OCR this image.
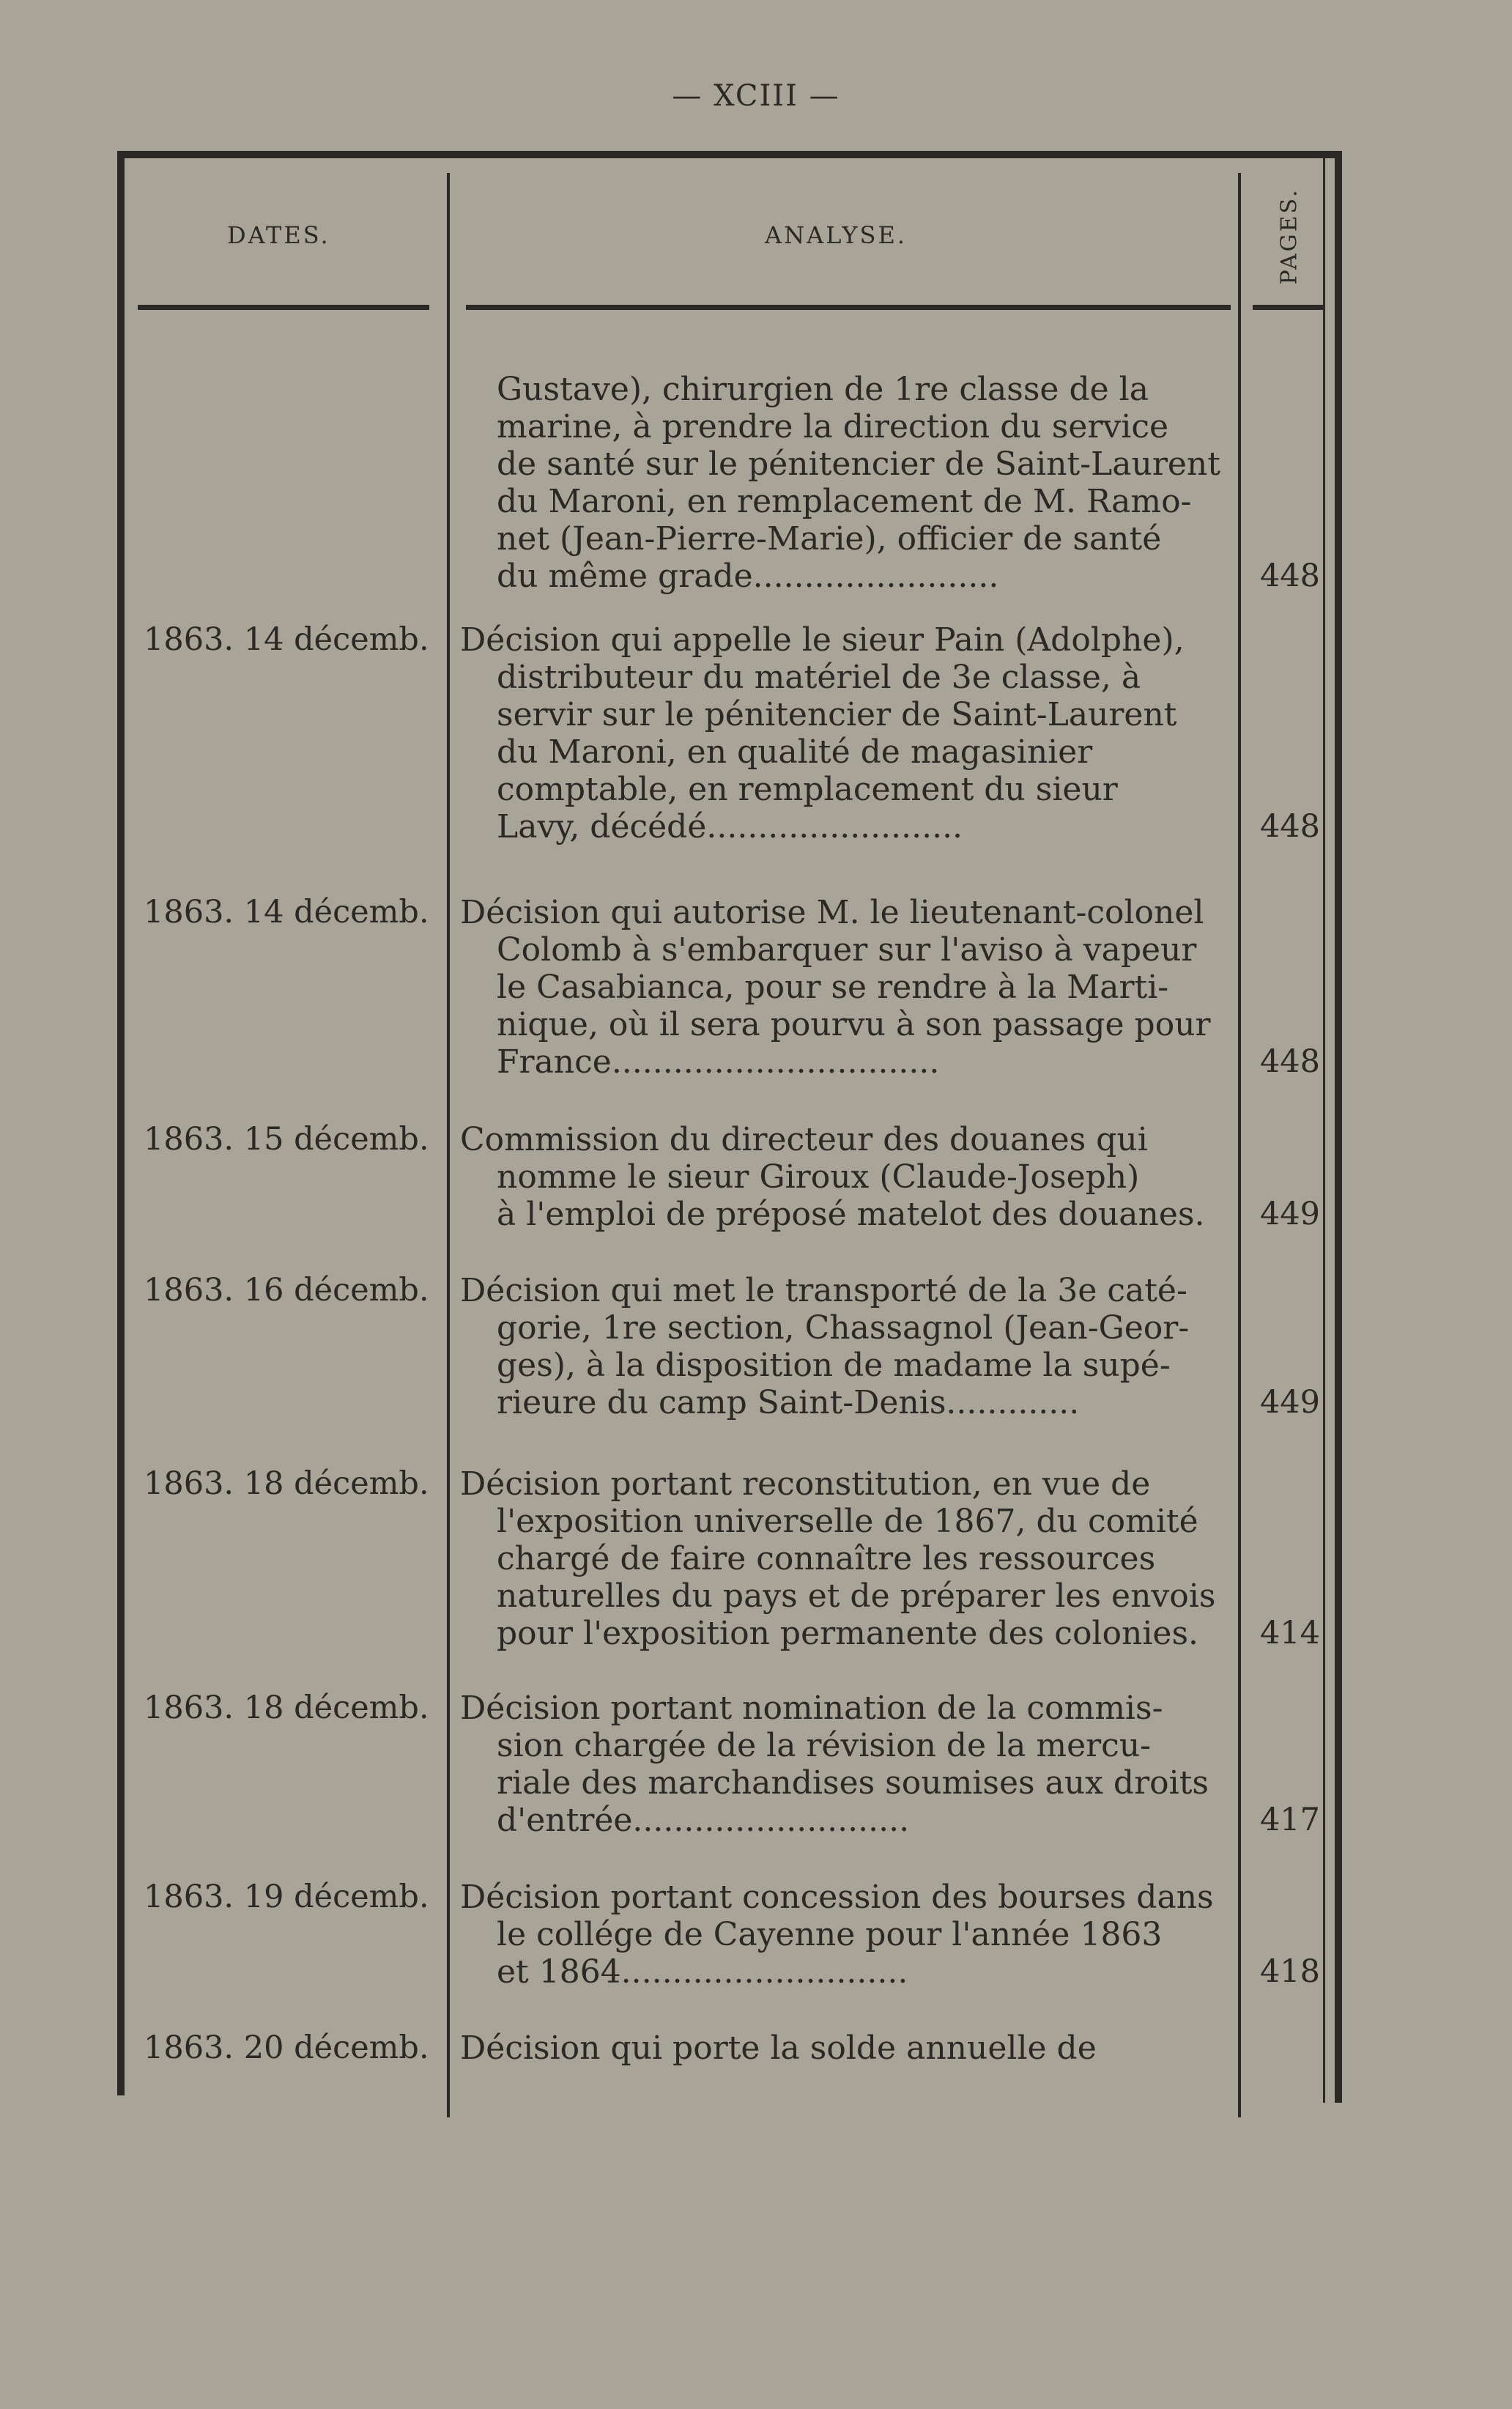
— XCIII —
DATES.	ANALYSE.	PAGES.
Gustave), chirurgien de 1re classe de la
marine, à prendre la direction du service
de santé sur le pénitencier de Saint-Laurent
du Maroni, en remplacement de M. Ramo-
net (Jean-Pierre-Marie), officier de santé
du même grade........................	448
1863. 14 décemb. Décision qui appelle le sieur Pain (Adolphe),
distributeur du matériel de 3e classe, à
servir sur le pénitencier de Saint-Laurent
du Maroni, en qualité de magasinier
comptable, en remplacement du sieur
Lavy, décédé.........................	448
1863. 14 décemb. Décision qui autorise M. le lieutenant-colonel
Colomb à s'embarquer sur l'aviso à vapeur
le Casabianca, pour se rendre à la Marti-
nique, où il sera pourvu à son passage pour
France................................	448
1863. 15 décemb. Commission du directeur des douanes qui
nomme le sieur Giroux (Claude-Joseph)
à l'emploi de préposé matelot des douanes.	449
1863. 16 décemb. Décision qui met le transporté de la 3e caté-
gorie, 1re section, Chassagnol (Jean-Geor-
ges), à la disposition de madame la supé-
rieure du camp Saint-Denis.............	449
1863. 18 décemb. Décision portant reconstitution, en vue de
l'exposition universelle de 1867, du comité
chargé de faire connaître les ressources
naturelles du pays et de préparer les envois
pour l'exposition permanente des colonies.	414
1863. 18 décemb. Décision portant nomination de la commis-
sion chargée de la révision de la mercu-
riale des marchandises soumises aux droits
d'entrée...........................	417
1863. 19 décemb. Décision portant concession des bourses dans
le collége de Cayenne pour l'année 1863
et 1864............................	418
1863. 20 décemb. Décision qui porte la solde annuelle de
